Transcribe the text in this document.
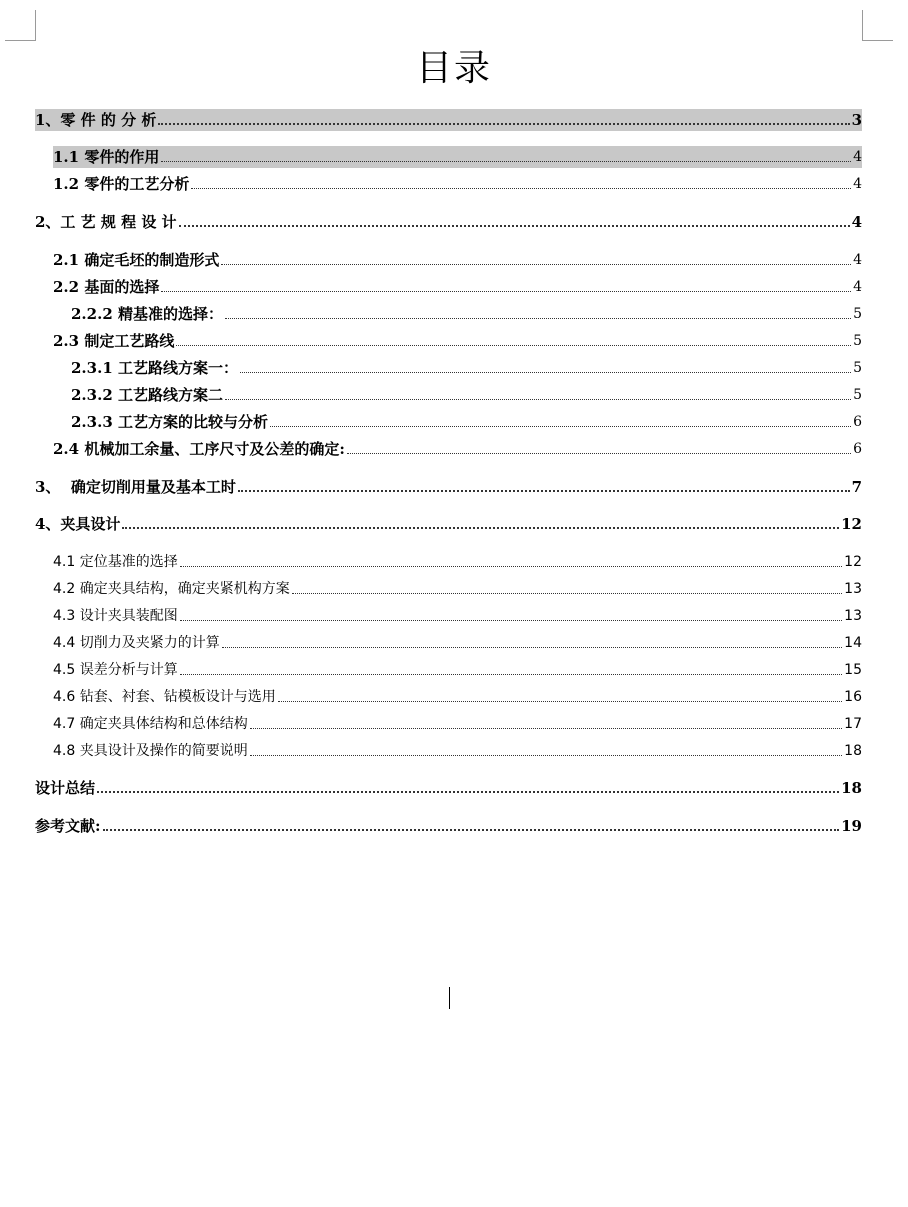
目录
1、零 件 的 分 析	3
1.1 零件的作用	4
1.2 零件的工艺分析	4
2、工 艺 规 程 设 计	4
2.1 确定毛坯的制造形式	4
2.2 基面的选择	4
2.2.2 精基准的选择：	5
2.3 制定工艺路线	5
2.3.1 工艺路线方案一：	5
2.3.2 工艺路线方案二	5
2.3.3 工艺方案的比较与分析	6
2.4 机械加工余量、工序尺寸及公差的确定:	6
3、  确定切削用量及基本工时	7
4、夹具设计	12
4.1 定位基准的选择	12
4.2 确定夹具结构，确定夹紧机构方案	13
4.3 设计夹具装配图	13
4.4 切削力及夹紧力的计算	14
4.5 误差分析与计算	15
4.6 钻套、衬套、钻模板设计与选用	16
4.7 确定夹具体结构和总体结构	17
4.8 夹具设计及操作的简要说明	18
设计总结	18
参考文献:	19
